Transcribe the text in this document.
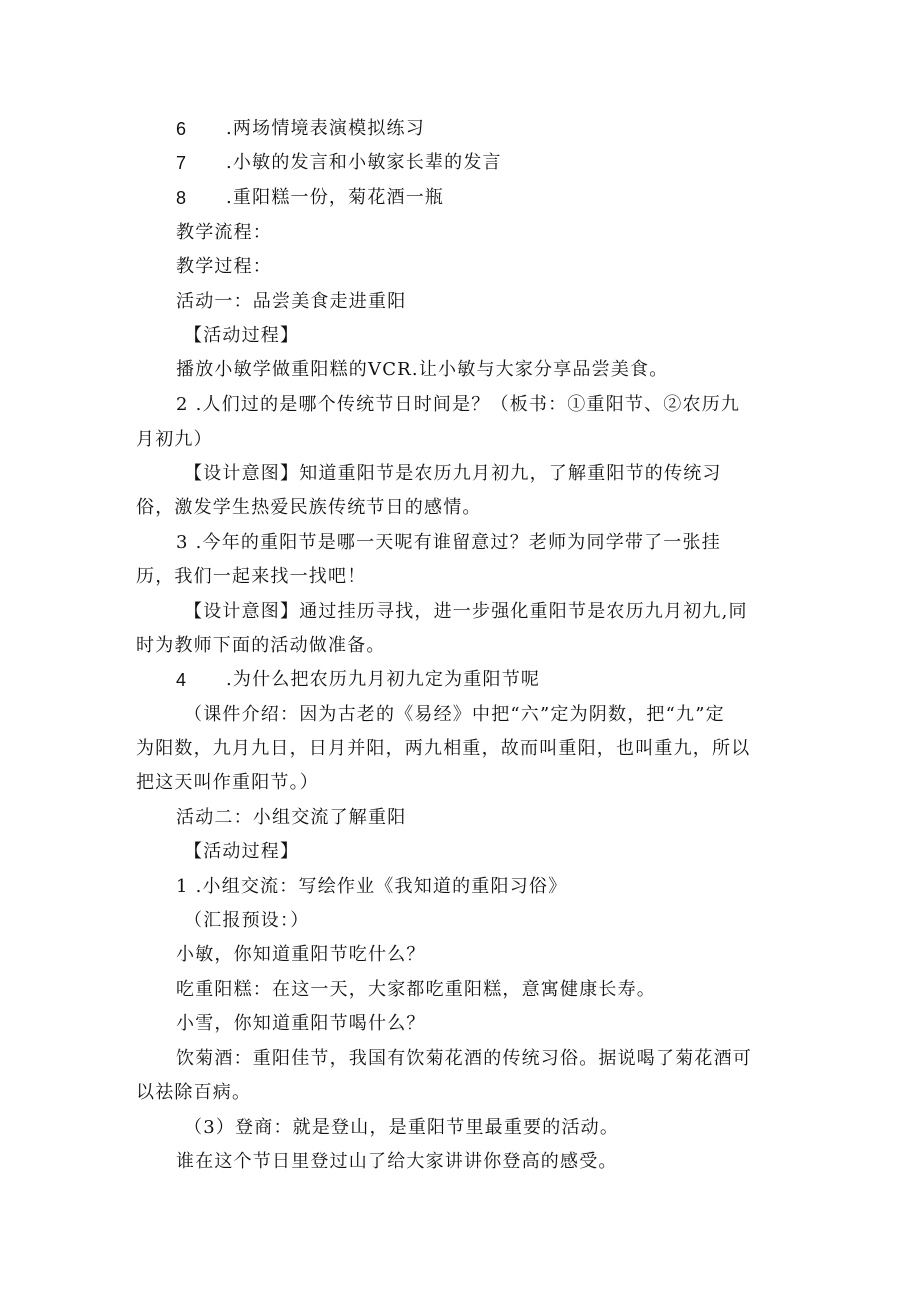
6 .两场情境表演模拟练习
7 .小敏的发言和小敏家长辈的发言
8 .重阳糕一份，菊花酒一瓶
教学流程：
教学过程：
活动一：品尝美食走进重阳
【活动过程】
播放小敏学做重阳糕的VCR.让小敏与大家分享品尝美食。
2 .人们过的是哪个传统节日时间是？（板书：①重阳节、②农历九
月初九）
【设计意图】知道重阳节是农历九月初九，了解重阳节的传统习
俗，激发学生热爱民族传统节日的感情。
3 .今年的重阳节是哪一天呢有谁留意过？老师为同学带了一张挂
历，我们一起来找一找吧！
【设计意图】通过挂历寻找，进一步强化重阳节是农历九月初九,同
时为教师下面的活动做准备。
4 .为什么把农历九月初九定为重阳节呢
（课件介绍：因为古老的《易经》中把“六”定为阴数，把“九”定
为阳数，九月九日，日月并阳，两九相重，故而叫重阳，也叫重九，所以
把这天叫作重阳节。）
活动二：小组交流了解重阳
【活动过程】
1 .小组交流：写绘作业《我知道的重阳习俗》
（汇报预设：）
小敏，你知道重阳节吃什么？
吃重阳糕：在这一天，大家都吃重阳糕，意寓健康长寿。
小雪，你知道重阳节喝什么？
饮菊酒：重阳佳节，我国有饮菊花酒的传统习俗。据说喝了菊花酒可
以祛除百病。
（3）登商：就是登山，是重阳节里最重要的活动。
谁在这个节日里登过山了给大家讲讲你登高的感受。
